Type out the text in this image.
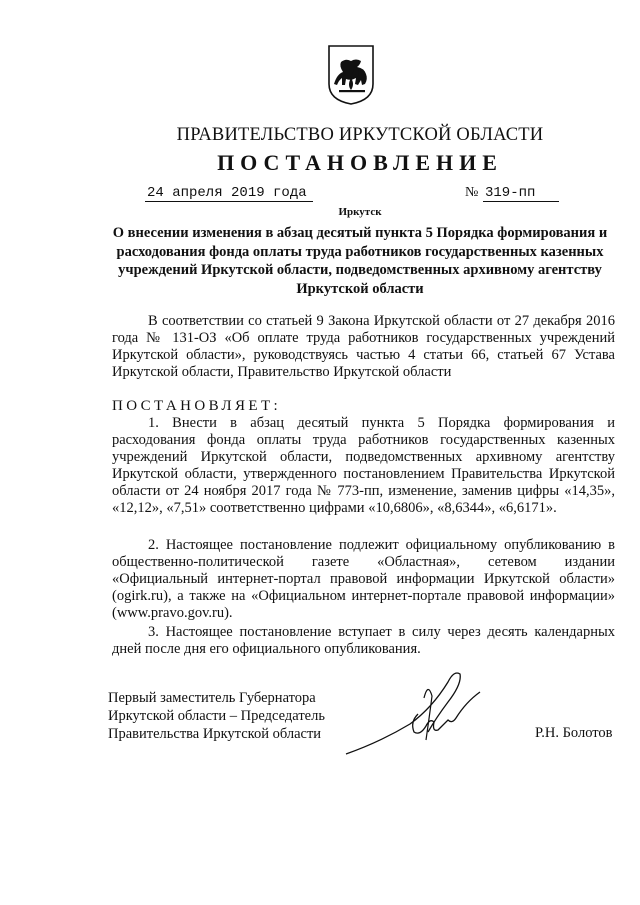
ПРАВИТЕЛЬСТВО ИРКУТСКОЙ ОБЛАСТИ
ПОСТАНОВЛЕНИЕ
24 апреля 2019 года	№ 319-пп
Иркутск
О внесении изменения в абзац десятый пункта 5 Порядка формирования и расходования фонда оплаты труда работников государственных казенных учреждений Иркутской области, подведомственных архивному агентству Иркутской области
В соответствии со статьей 9 Закона Иркутской области от 27 декабря 2016 года № 131-ОЗ «Об оплате труда работников государственных учреждений Иркутской области», руководствуясь частью 4 статьи 66, статьей 67 Устава Иркутской области, Правительство Иркутской области
ПОСТАНОВЛЯЕТ:
1. Внести в абзац десятый пункта 5 Порядка формирования и расходования фонда оплаты труда работников государственных казенных учреждений Иркутской области, подведомственных архивному агентству Иркутской области, утвержденного постановлением Правительства Иркутской области от 24 ноября 2017 года № 773-пп, изменение, заменив цифры «14,35», «12,12», «7,51» соответственно цифрами «10,6806», «8,6344», «6,6171».
2. Настоящее постановление подлежит официальному опубликованию в общественно-политической газете «Областная», сетевом издании «Официальный интернет-портал правовой информации Иркутской области» (ogirk.ru), а также на «Официальном интернет-портале правовой информации» (www.pravo.gov.ru).
3. Настоящее постановление вступает в силу через десять календарных дней после дня его официального опубликования.
Первый заместитель Губернатора
Иркутской области – Председатель
Правительства Иркутской области	Р.Н. Болотов
